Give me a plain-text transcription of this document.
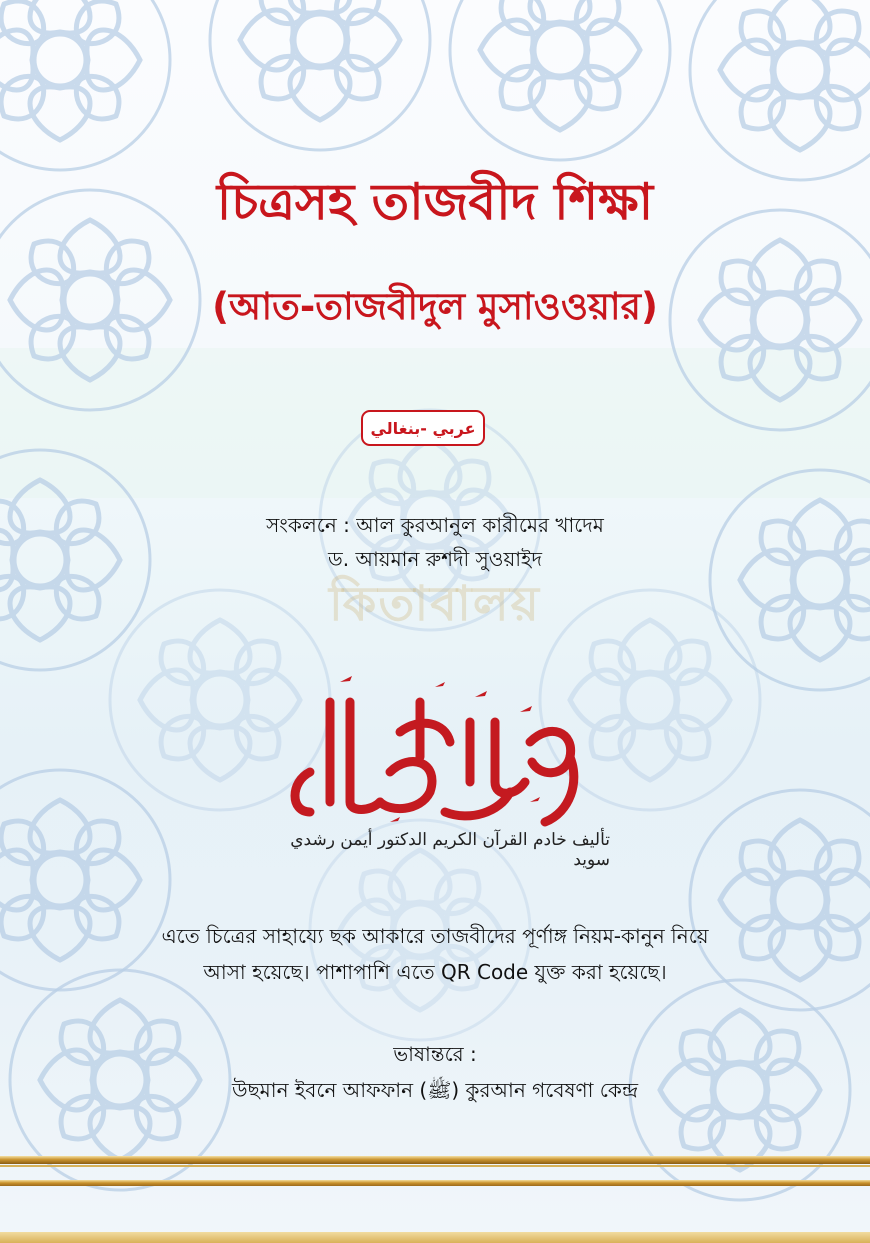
চিত্রসহ তাজবীদ শিক্ষা
(আত-তাজবীদুল মুসাওওয়ার)
عربي -بنغالي
সংকলনে : আল কুরআনুল কারীমের খাদেম
ড. আয়মান রুশদী সুওয়াইদ
কিতাবালয়
تأليف خادم القرآن الكريم الدكتور أيمن رشدي سويد
এতে চিত্রের সাহায্যে ছক আকারে তাজবীদের পূর্ণাঙ্গ নিয়ম-কানুন নিয়ে
আসা হয়েছে। পাশাপাশি এতে QR Code যুক্ত করা হয়েছে।
ভাষান্তরে :
উছমান ইবনে আফফান (ﷺ) কুরআন গবেষণা কেন্দ্র
